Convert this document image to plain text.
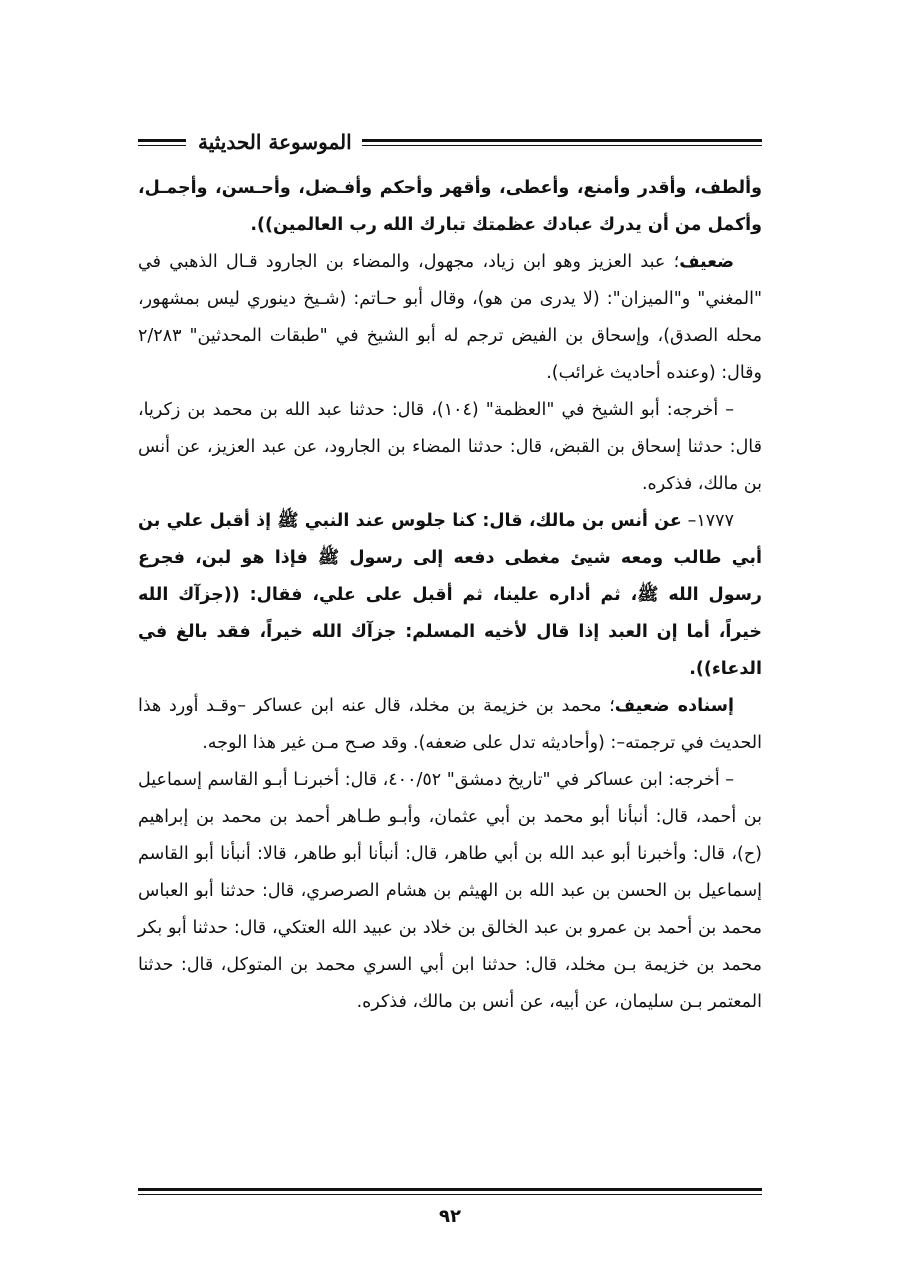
الموسوعة الحديثية

وألطف، وأقدر وأمنع، وأعطى، وأقهر وأحكم وأفـضل، وأحـسن، وأجمـل، وأكمل من أن يدرك عبادك عظمتك تبارك الله رب العالمين)).

ضعيف؛ عبد العزيز وهو ابن زياد، مجهول، والمضاء بن الجارود قـال الذهبي في "المغني" و"الميزان": (لا يدرى من هو)، وقال أبو حـاتم: (شـيخ دينوري ليس بمشهور، محله الصدق)، وإسحاق بن الفيض ترجم له أبو الشيخ في "طبقات المحدثين" ٢/٢٨٣ وقال: (وعنده أحاديث غرائب).

– أخرجه: أبو الشيخ في "العظمة" (١٠٤)، قال: حدثنا عبد الله بن محمد بن زكريا، قال: حدثنا إسحاق بن القبض، قال: حدثنا المضاء بن الجارود، عن عبد العزيز، عن أنس بن مالك، فذكره.

١٧٧٧– عن أنس بن مالك، قال: كنا جلوس عند النبي ﷺ إذ أقبل علي بن أبي طالب ومعه شيئ مغطى دفعه إلى رسول ﷺ فإذا هو لبن، فجرع رسول الله ﷺ، ثم أداره علينا، ثم أقبل على علي، فقال: ((جزآك الله خيراً، أما إن العبد إذا قال لأخيه المسلم: جزآك الله خيراً، فقد بالغ في الدعاء)).

إسناده ضعيف؛ محمد بن خزيمة بن مخلد، قال عنه ابن عساكر –وقـد أورد هذا الحديث في ترجمته–: (وأحاديثه تدل على ضعفه). وقد صـح مـن غير هذا الوجه.

– أخرجه: ابن عساكر في "تاريخ دمشق" ٤٠٠/٥٢، قال: أخبرنـا أبـو القاسم إسماعيل بن أحمد، قال: أنبأنا أبو محمد بن أبي عثمان، وأبـو طـاهر أحمد بن محمد بن إبراهيم (ح)، قال: وأخبرنا أبو عبد الله بن أبي طاهر، قال: أنبأنا أبو طاهر، قالا: أنبأنا أبو القاسم إسماعيل بن الحسن بن عبد الله بن الهيثم بن هشام الصرصري، قال: حدثنا أبو العباس محمد بن أحمد بن عمرو بن عبد الخالق بن خلاد بن عبيد الله العتكي، قال: حدثنا أبو بكر محمد بن خزيمة بـن مخلد، قال: حدثنا ابن أبي السري محمد بن المتوكل، قال: حدثنا المعتمر بـن سليمان، عن أبيه، عن أنس بن مالك، فذكره.

٩٢
